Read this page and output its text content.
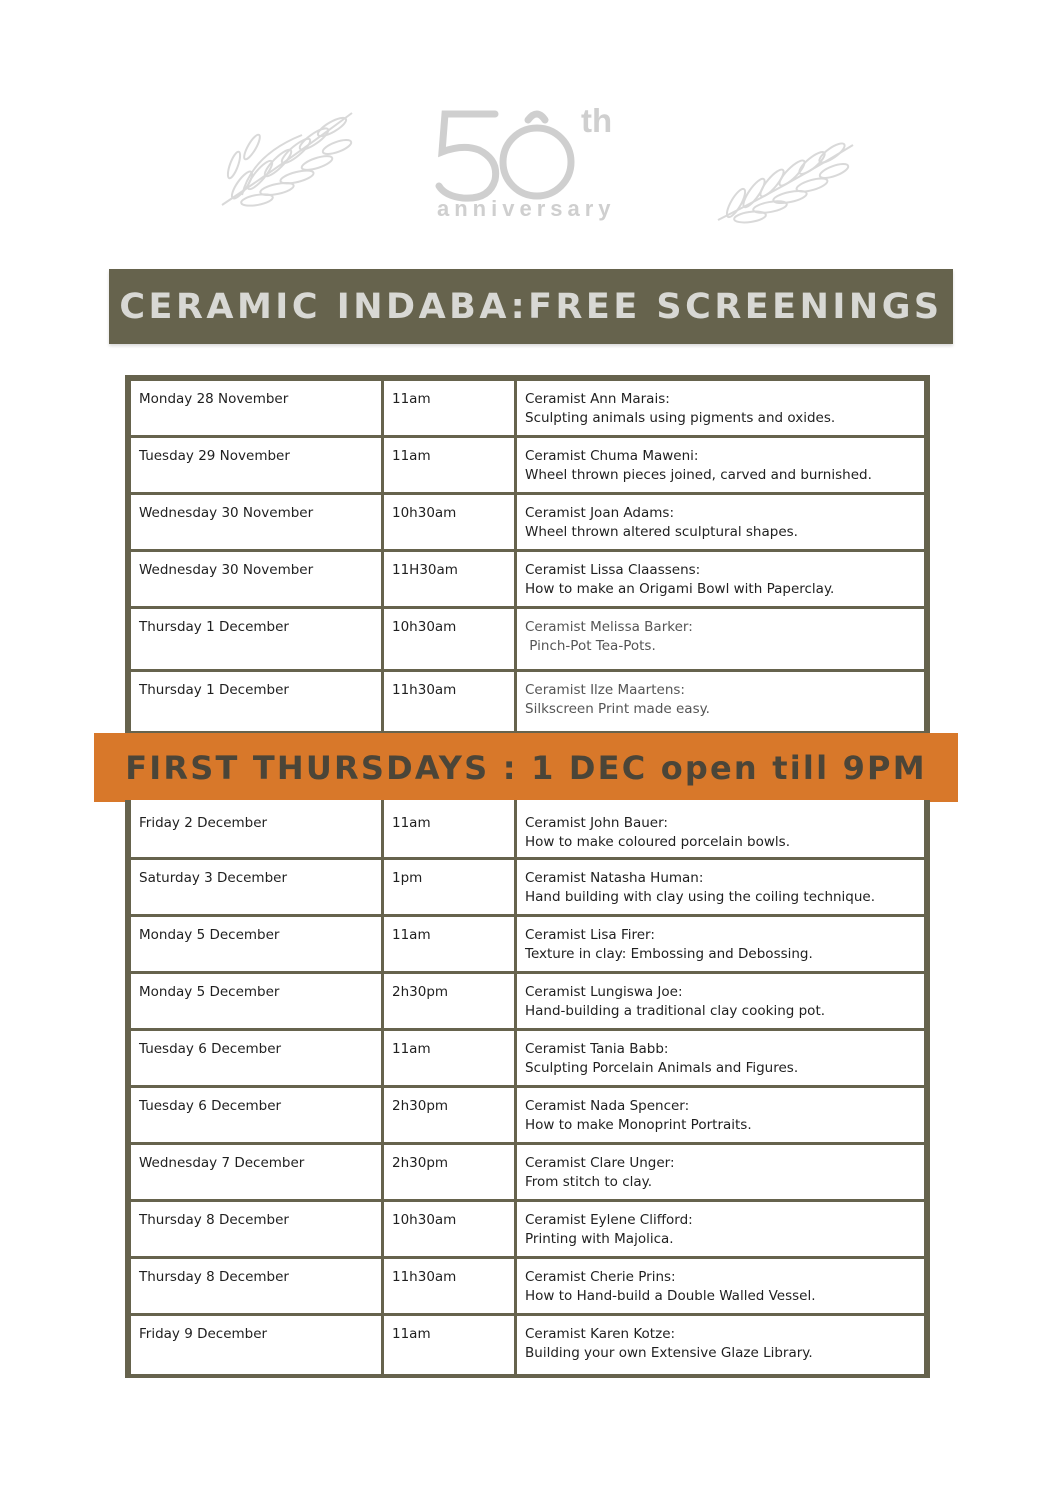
th
anniversary
CERAMIC INDABA:FREE SCREENINGS
Monday 28 November	11am	Ceramist Ann Marais:
Sculpting animals using pigments and oxides.
Tuesday 29 November	11am	Ceramist Chuma Maweni:
Wheel thrown pieces joined, carved and burnished.
Wednesday 30 November	10h30am	Ceramist Joan Adams:
Wheel thrown altered sculptural shapes.
Wednesday 30 November	11H30am	Ceramist Lissa Claassens:
How to make an Origami Bowl with Paperclay.
Thursday 1 December	10h30am	Ceramist Melissa Barker:
Pinch-Pot Tea-Pots.
Thursday 1 December	11h30am	Ceramist Ilze Maartens:
Silkscreen Print made easy.
FIRST THURSDAYS : 1 DEC open till 9PM
Friday 2 December	11am	Ceramist John Bauer:
How to make coloured porcelain bowls.
Saturday 3 December	1pm	Ceramist Natasha Human:
Hand building with clay using the coiling technique.
Monday 5 December	11am	Ceramist Lisa Firer:
Texture in clay: Embossing and Debossing.
Monday 5 December	2h30pm	Ceramist Lungiswa Joe:
Hand-building a traditional clay cooking pot.
Tuesday 6 December	11am	Ceramist Tania Babb:
Sculpting Porcelain Animals and Figures.
Tuesday 6 December	2h30pm	Ceramist Nada Spencer:
How to make Monoprint Portraits.
Wednesday 7 December	2h30pm	Ceramist Clare Unger:
From stitch to clay.
Thursday 8 December	10h30am	Ceramist Eylene Clifford:
Printing with Majolica.
Thursday 8 December	11h30am	Ceramist Cherie Prins:
How to Hand-build a Double Walled Vessel.
Friday 9 December	11am	Ceramist Karen Kotze:
Building your own Extensive Glaze Library.
